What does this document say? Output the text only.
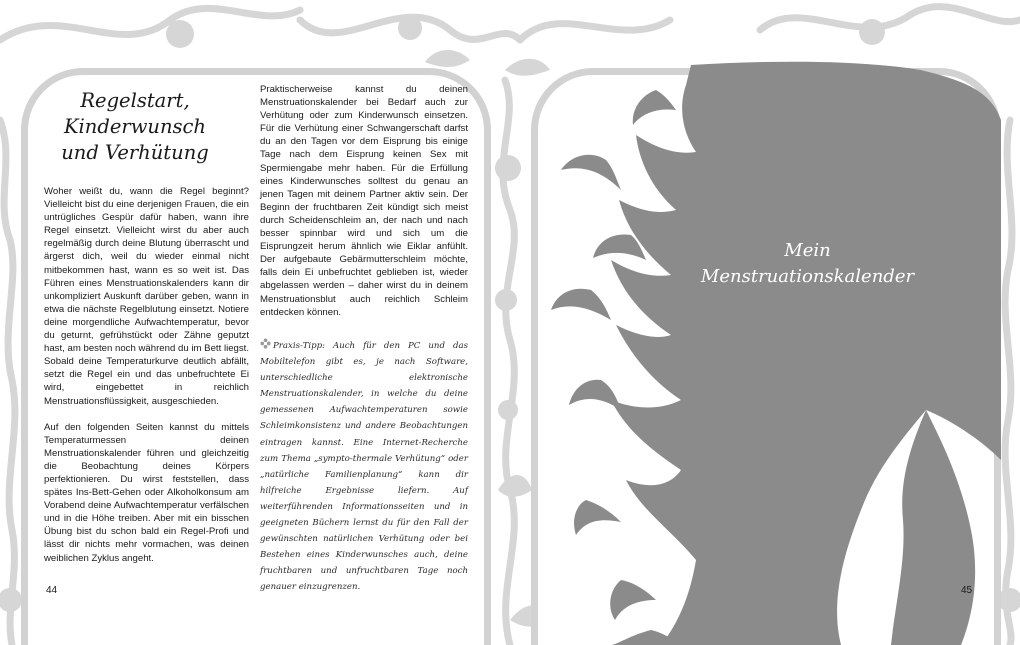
Mein
Menstruationskalender
Regelstart,
Kinderwunsch
und Verhütung

Woher weißt du, wann die Regel beginnt? Vielleicht bist du eine derjenigen Frauen, die ein untrügliches Gespür dafür haben, wann ihre Regel einsetzt. Vielleicht wirst du aber auch regelmäßig durch deine Blutung überrascht und ärgerst dich, weil du wieder einmal nicht mitbekommen hast, wann es so weit ist. Das Führen eines Menstruationskalenders kann dir unkompliziert Auskunft darüber geben, wann in etwa die nächste Regelblutung einsetzt. Notiere deine morgendliche Aufwachtemperatur, bevor du geturnt, gefrühstückt oder Zähne geputzt hast, am besten noch während du im Bett liegst. Sobald deine Temperaturkurve deutlich abfällt, setzt die Regel ein und das unbefruchtete Ei wird, eingebettet in reichlich Menstruationsflüssigkeit, ausgeschieden.

Auf den folgenden Seiten kannst du mittels Temperaturmessen deinen Menstruationskalender führen und gleichzeitig die Beobachtung deines Körpers perfektionieren. Du wirst feststellen, dass spätes Ins-Bett-Gehen oder Alkoholkonsum am Vorabend deine Aufwachtemperatur verfälschen und in die Höhe treiben. Aber mit ein bisschen Übung bist du schon bald ein Regel-Profi und lässt dir nichts mehr vormachen, was deinen weiblichen Zyklus angeht.

Praktischerweise kannst du deinen Menstruationskalender bei Bedarf auch zur Verhütung oder zum Kinderwunsch einsetzen. Für die Verhütung einer Schwangerschaft darfst du an den Tagen vor dem Eisprung bis einige Tage nach dem Eisprung keinen Sex mit Spermiengabe mehr haben. Für die Erfüllung eines Kinderwunsches solltest du genau an jenen Tagen mit deinem Partner aktiv sein. Der Beginn der fruchtbaren Zeit kündigt sich meist durch Scheidenschleim an, der nach und nach besser spinnbar wird und sich um die Eisprungzeit herum ähnlich wie Eiklar anfühlt. Der aufgebaute Gebärmutterschleim möchte, falls dein Ei unbefruchtet geblieben ist, wieder abgelassen werden – daher wirst du in deinem Menstruationsblut auch reichlich Schleim entdecken können.

Praxis-Tipp: Auch für den PC und das Mobiltelefon gibt es, je nach Software, unterschiedliche elektronische Menstruationskalender, in welche du deine gemessenen Aufwachtemperaturen sowie Schleimkonsistenz und andere Beobachtungen eintragen kannst. Eine Internet-Recherche zum Thema „sympto-thermale Verhütung“ oder „natürliche Familienplanung“ kann dir hilfreiche Ergebnisse liefern. Auf weiterführenden Informationsseiten und in geeigneten Büchern lernst du für den Fall der gewünschten natürlichen Verhütung oder bei Bestehen eines Kinderwunsches auch, deine fruchtbaren und unfruchtbaren Tage noch genauer einzugrenzen.
44	45
